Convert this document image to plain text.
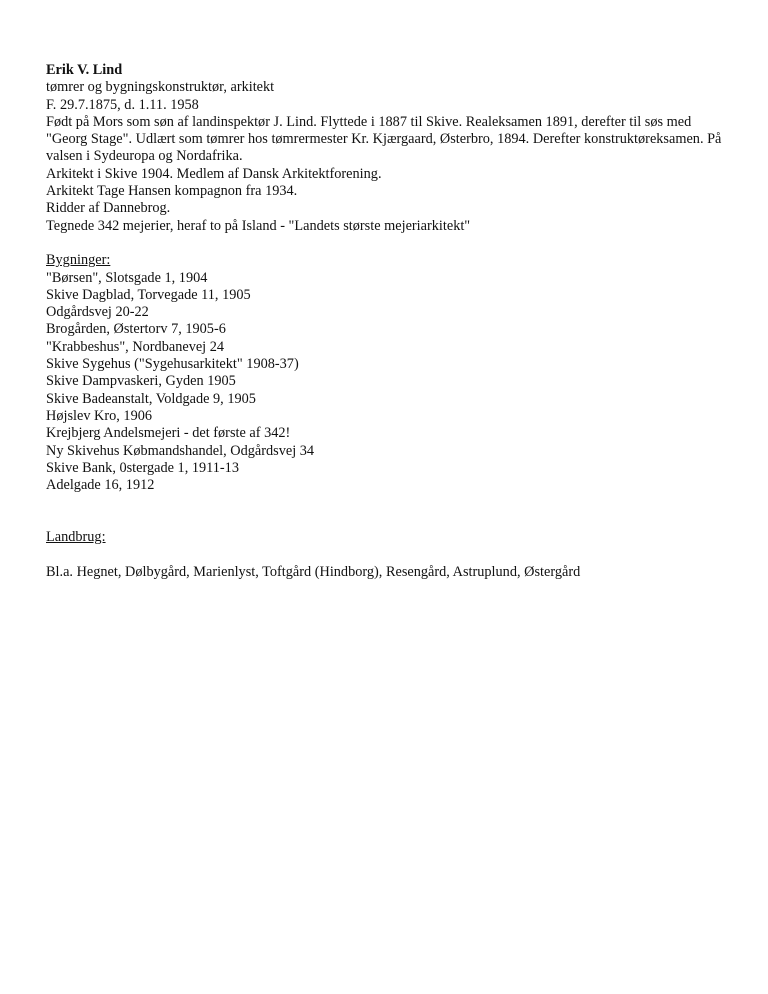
Erik V. Lind
tømrer og bygningskonstruktør, arkitekt
F. 29.7.1875, d. 1.11. 1958
Født på Mors som søn af landinspektør J. Lind. Flyttede i 1887 til Skive. Realeksamen 1891, derefter til søs med "Georg Stage". Udlært som tømrer hos tømrermester Kr. Kjærgaard, Østerbro, 1894. Derefter konstruktøreksamen. På valsen i Sydeuropa og Nordafrika.
Arkitekt i Skive 1904. Medlem af Dansk Arkitektforening.
Arkitekt Tage Hansen kompagnon fra 1934.
Ridder af Dannebrog.
Tegnede 342 mejerier, heraf to på Island - "Landets største mejeriarkitekt"
Bygninger:
"Børsen", Slotsgade 1, 1904
Skive Dagblad, Torvegade 11, 1905
Odgårdsvej 20-22
Brogården, Østertorv 7, 1905-6
"Krabbeshus", Nordbanevej 24
Skive Sygehus ("Sygehusarkitekt" 1908-37)
Skive Dampvaskeri, Gyden 1905
Skive Badeanstalt, Voldgade 9, 1905
Højslev Kro, 1906
Krejbjerg Andelsmejeri - det første af 342!
Ny Skivehus Købmandshandel, Odgårdsvej 34
Skive Bank, 0stergade 1, 1911-13
Adelgade 16, 1912
Landbrug:
Bl.a. Hegnet, Dølbygård, Marienlyst, Toftgård (Hindborg), Resengård, Astruplund, Østergård
